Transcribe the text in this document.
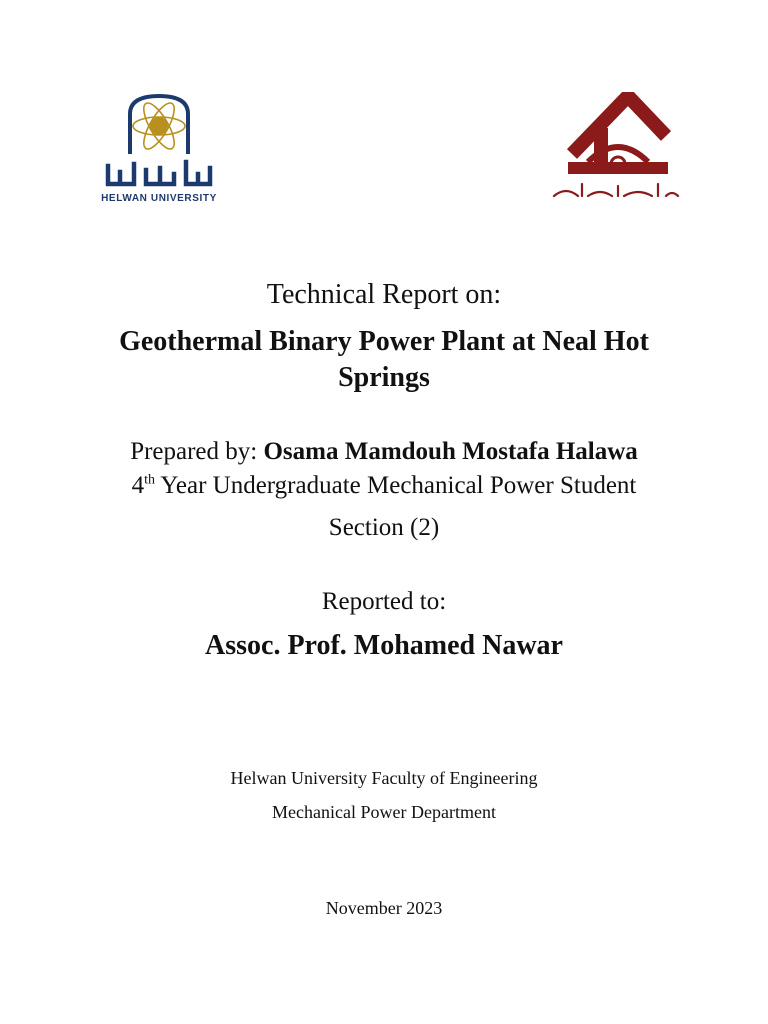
HELWAN UNIVERSITY
Technical Report on:
Geothermal Binary Power Plant at Neal Hot Springs
Prepared by: Osama Mamdouh Mostafa Halawa
4th Year Undergraduate Mechanical Power Student
Section (2)
Reported to:
Assoc. Prof. Mohamed Nawar
Helwan University Faculty of Engineering
Mechanical Power Department
November 2023
